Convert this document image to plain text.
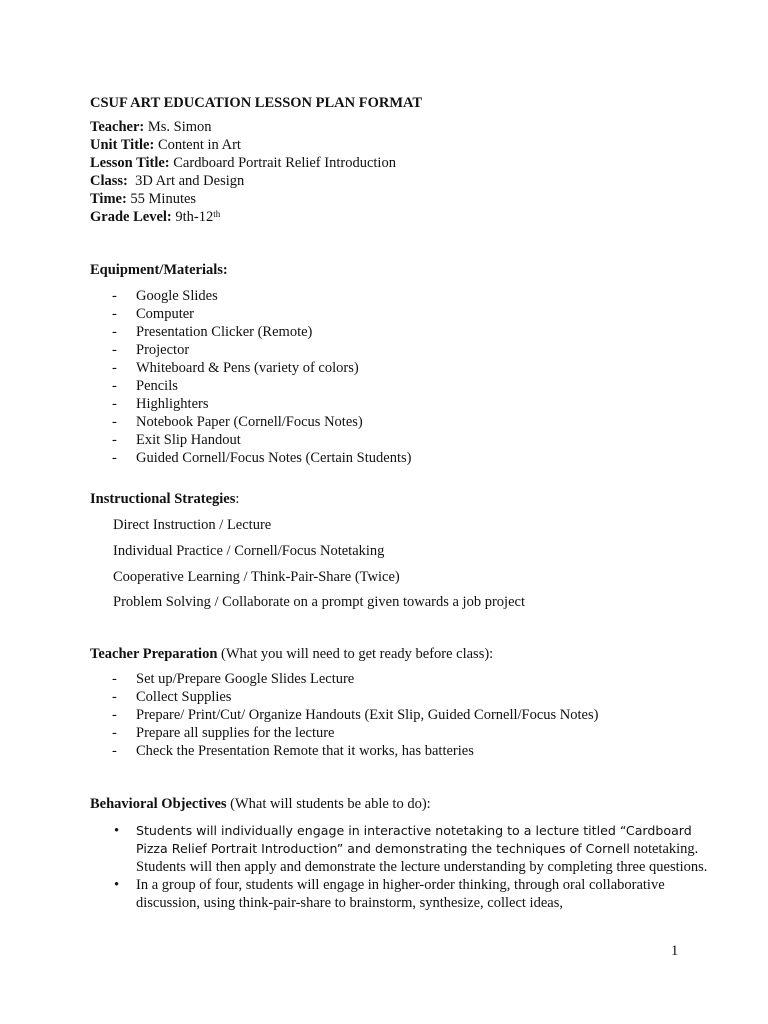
CSUF ART EDUCATION LESSON PLAN FORMAT
Teacher: Ms. Simon
Unit Title: Content in Art
Lesson Title: Cardboard Portrait Relief Introduction
Class:  3D Art and Design
Time: 55 Minutes
Grade Level: 9th-12th
Equipment/Materials:
- Google Slides
- Computer
- Presentation Clicker (Remote)
- Projector
- Whiteboard & Pens (variety of colors)
- Pencils
- Highlighters
- Notebook Paper (Cornell/Focus Notes)
- Exit Slip Handout
- Guided Cornell/Focus Notes (Certain Students)
Instructional Strategies:
Direct Instruction / Lecture
Individual Practice / Cornell/Focus Notetaking
Cooperative Learning / Think-Pair-Share (Twice)
Problem Solving / Collaborate on a prompt given towards a job project
Teacher Preparation (What you will need to get ready before class):
- Set up/Prepare Google Slides Lecture
- Collect Supplies
- Prepare/ Print/Cut/ Organize Handouts (Exit Slip, Guided Cornell/Focus Notes)
- Prepare all supplies for the lecture
- Check the Presentation Remote that it works, has batteries
Behavioral Objectives (What will students be able to do):
• Students will individually engage in interactive notetaking to a lecture titled “Cardboard Pizza Relief Portrait Introduction” and demonstrating the techniques of Cornell notetaking. Students will then apply and demonstrate the lecture understanding by completing three questions.
• In a group of four, students will engage in higher-order thinking, through oral collaborative discussion, using think-pair-share to brainstorm, synthesize, collect ideas,
1
